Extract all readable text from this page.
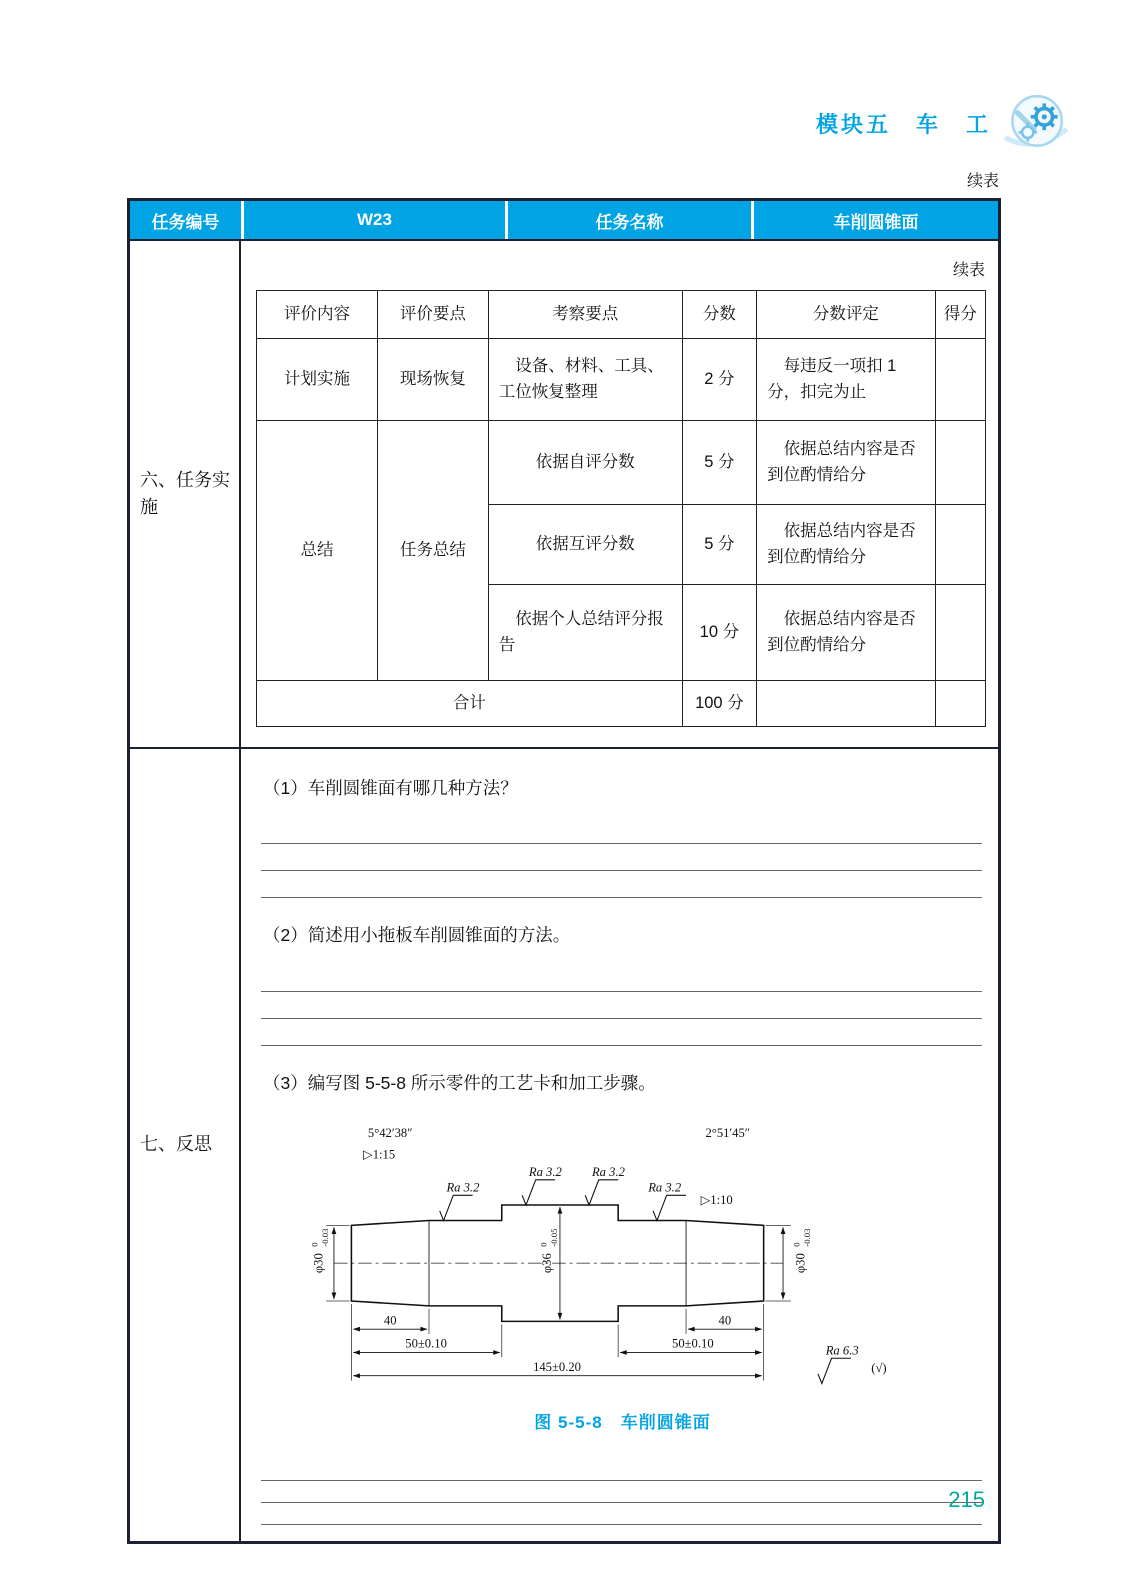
模块五　车　工
续表
任务编号	W23	任务名称	车削圆锥面
六、任务实施
续表
评价内容	评价要点	考察要点	分数	分数评定	得分
计划实施	现场恢复	设备、材料、工具、工位恢复整理	2 分	每违反一项扣 1 分，扣完为止	
总结	任务总结	依据自评分数	5 分	依据总结内容是否到位酌情给分	
		依据互评分数	5 分	依据总结内容是否到位酌情给分	
		依据个人总结评分报告	10 分	依据总结内容是否到位酌情给分	
合计			100 分		
七、反思
（1）车削圆锥面有哪几种方法？
（2）简述用小拖板车削圆锥面的方法。
（3）编写图 5-5-8 所示零件的工艺卡和加工步骤。
φ30
0 -0.03
φ36
0 -0.05
φ30
0 -0.03
40
50±0.10
40
50±0.10
145±0.20
5°42′38″
▷1:15
2°51′45″
▷1:10
Ra 3.2
Ra 3.2 Ra 3.2
Ra 3.2
Ra 6.3
(√)
图 5-5-8　车削圆锥面
215
